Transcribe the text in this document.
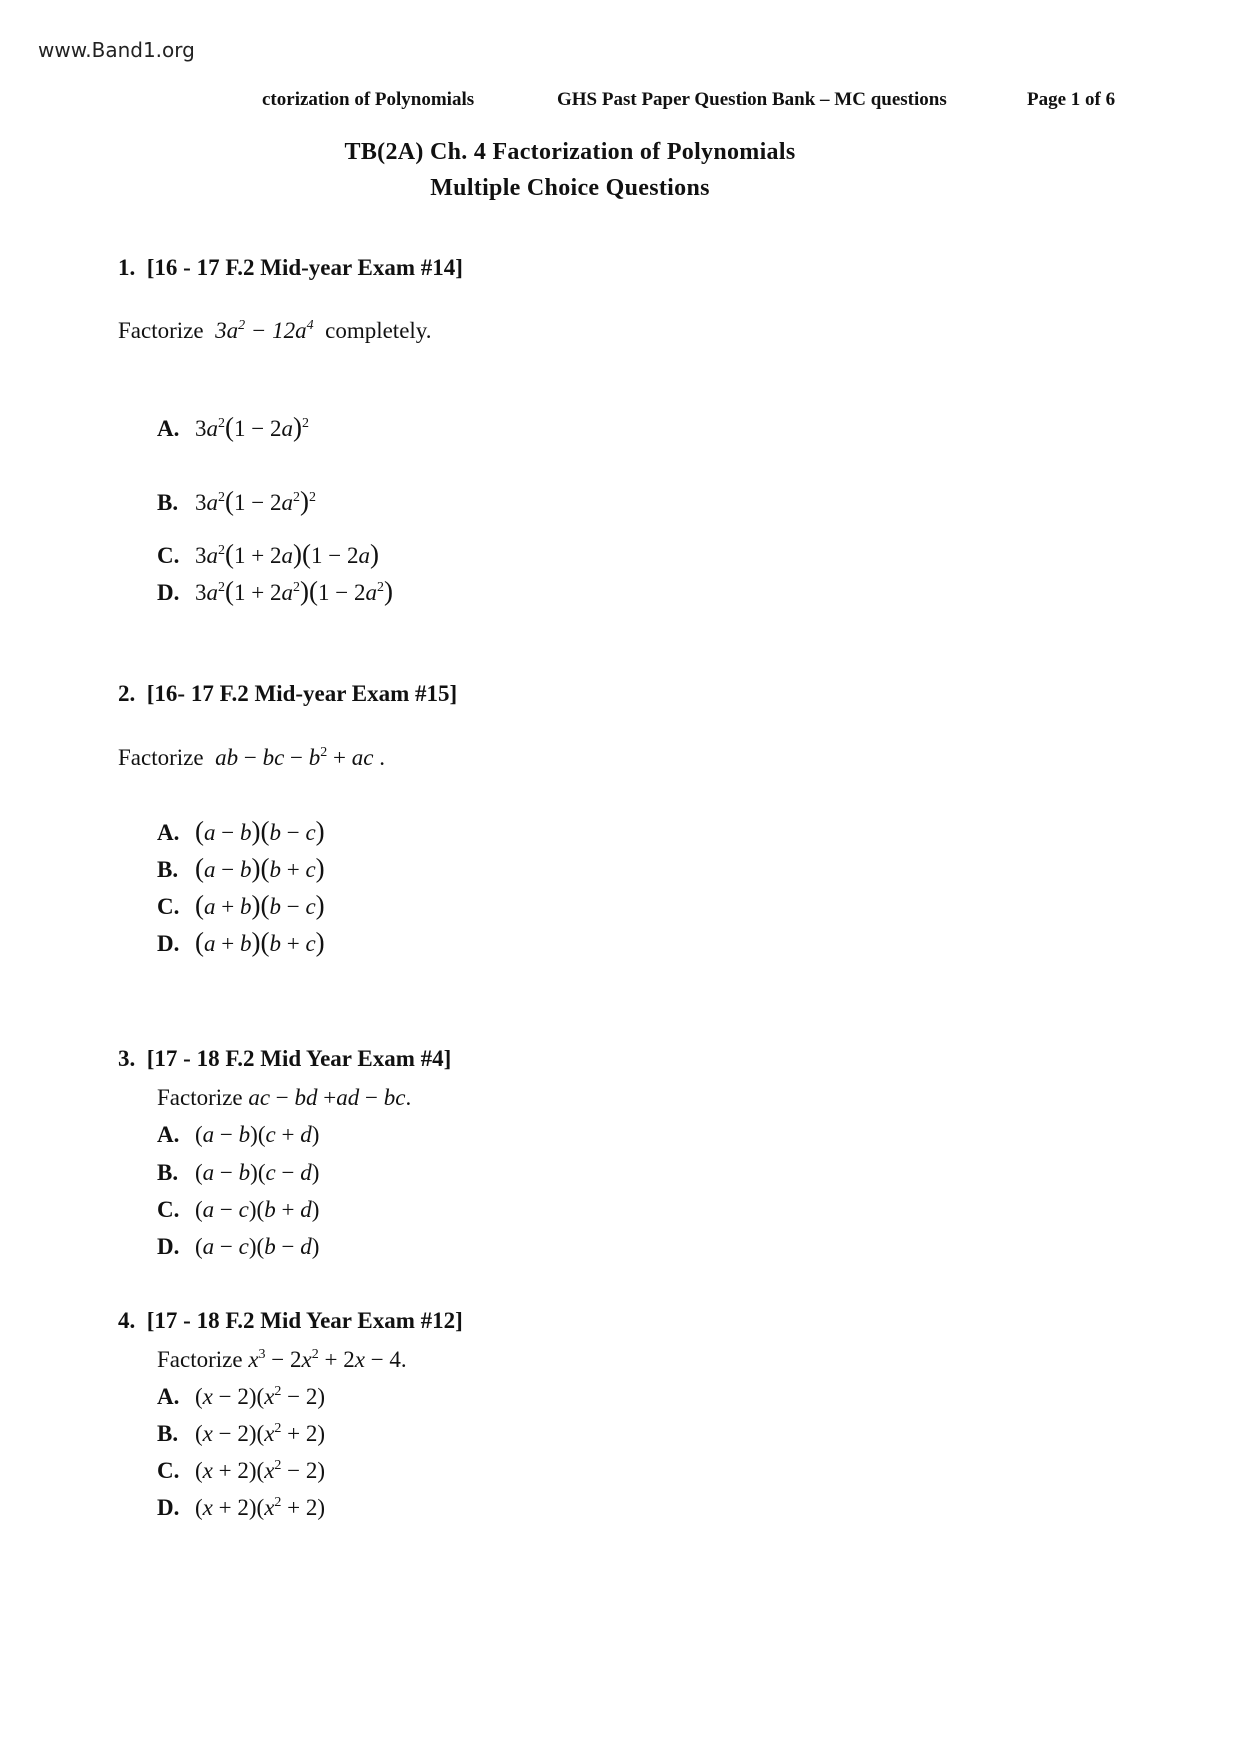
www.Band1.org
ctorization of Polynomials	GHS Past Paper Question Bank – MC questions	Page 1 of 6
TB(2A) Ch. 4 Factorization of Polynomials
Multiple Choice Questions
1. [16 - 17 F.2 Mid-year Exam #14]
Factorize $3a^2 - 12a^4$ completely.
A. $3a^2(1 - 2a)^2$
B. $3a^2(1 - 2a^2)^2$
C. $3a^2(1 + 2a)(1 - 2a)$
D. $3a^2(1 + 2a^2)(1 - 2a^2)$
2. [16- 17 F.2 Mid-year Exam #15]
Factorize ab − bc − $b^2$ + ac .
A. (a − b)(b − c)
B. (a − b)(b + c)
C. (a + b)(b − c)
D. (a + b)(b + c)
3. [17 - 18 F.2 Mid Year Exam #4]
Factorize ac − bd +ad − bc.
A. (a − b)(c + d)
B. (a − b)(c − d)
C. (a − c)(b + d)
D. (a − c)(b − d)
4. [17 - 18 F.2 Mid Year Exam #12]
Factorize $x^3 - 2x^2 + 2x - 4$.
A. $(x - 2)(x^2 - 2)$
B. $(x - 2)(x^2 + 2)$
C. $(x + 2)(x^2 - 2)$
D. $(x + 2)(x^2 + 2)$
